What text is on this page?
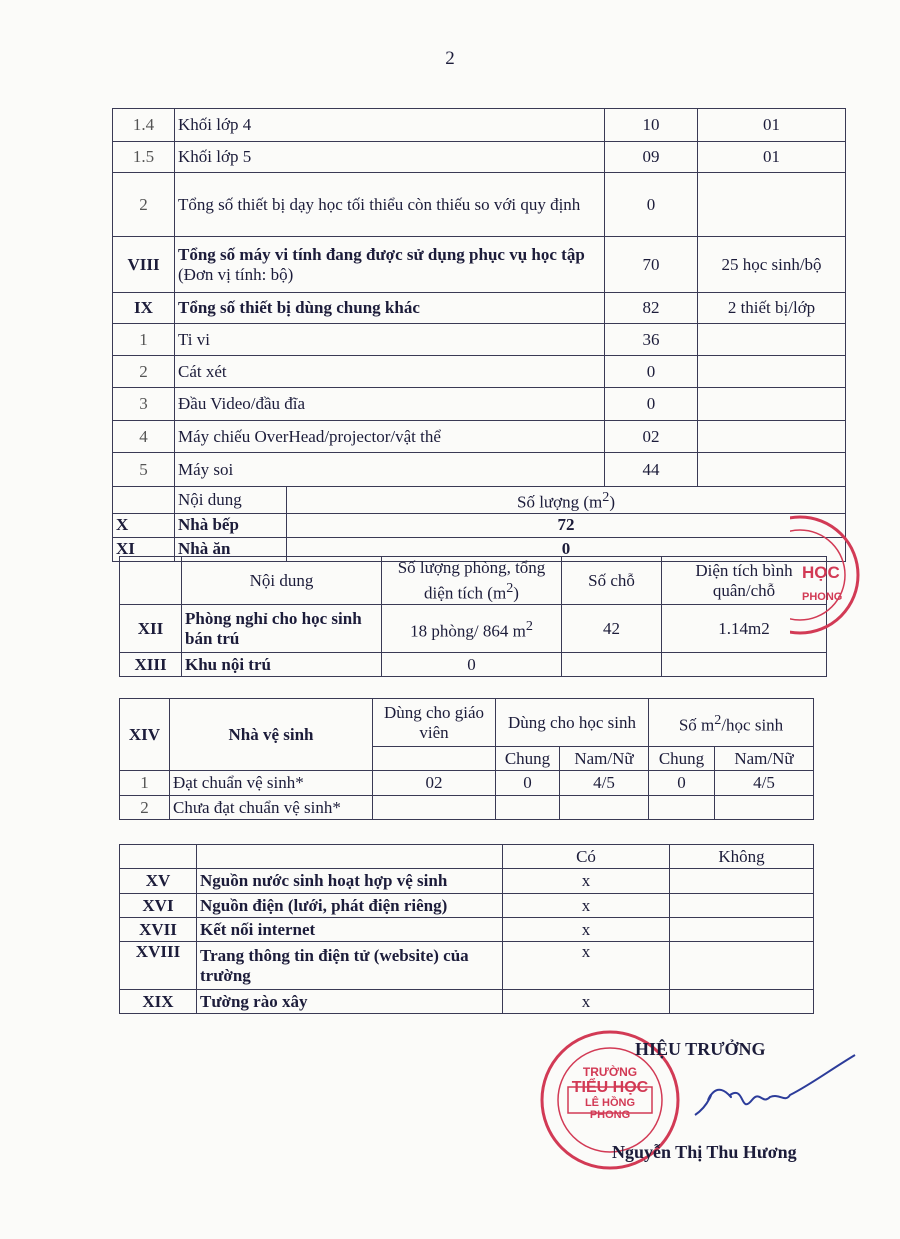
2
1.4	Khối lớp 4	10	01
1.5	Khối lớp 5	09	01
2	Tổng số thiết bị dạy học tối thiểu còn thiếu so với quy định	0	
VIII	Tổng số máy vi tính đang được sử dụng phục vụ học tập (Đơn vị tính: bộ)	70	25 học sinh/bộ
IX	Tổng số thiết bị dùng chung khác	82	2 thiết bị/lớp
1	Ti vi	36	
2	Cát xét	0	
3	Đầu Video/đầu đĩa	0	
4	Máy chiếu OverHead/projector/vật thể	02	
5	Máy soi	44	
	Nội dung	Số lượng $(m^2)$
X	Nhà bếp	72
XI	Nhà ăn	0
	Nội dung	Số lượng phòng, tổng diện tích $(m^2)$	Số chỗ	Diện tích bình quân/chỗ
XII	Phòng nghỉ cho học sinh bán trú	18 phòng/ 864 $m^2$	42	1.14m2
XIII	Khu nội trú	0		
XIV	Nhà vệ sinh	Dùng cho giáo viên	Dùng cho học sinh		Số $m^2$/học sinh	
			Chung	Nam/Nữ	Chung	Nam/Nữ
1	Đạt chuẩn vệ sinh*	02	0	4/5	0	4/5
2	Chưa đạt chuẩn vệ sinh*					
		Có	Không
XV	Nguồn nước sinh hoạt hợp vệ sinh	x	
XVI	Nguồn điện (lưới, phát điện riêng)	x	
XVII	Kết nối internet	x	
XVIII	Trang thông tin điện tử (website) của trường	x	
XIX	Tường rào xây	x	
HỌC
PHONG
TRƯỜNG
TIỂU HỌC
LÊ HỒNG PHONG
HIỆU TRƯỞNG
Nguyễn Thị Thu Hương
